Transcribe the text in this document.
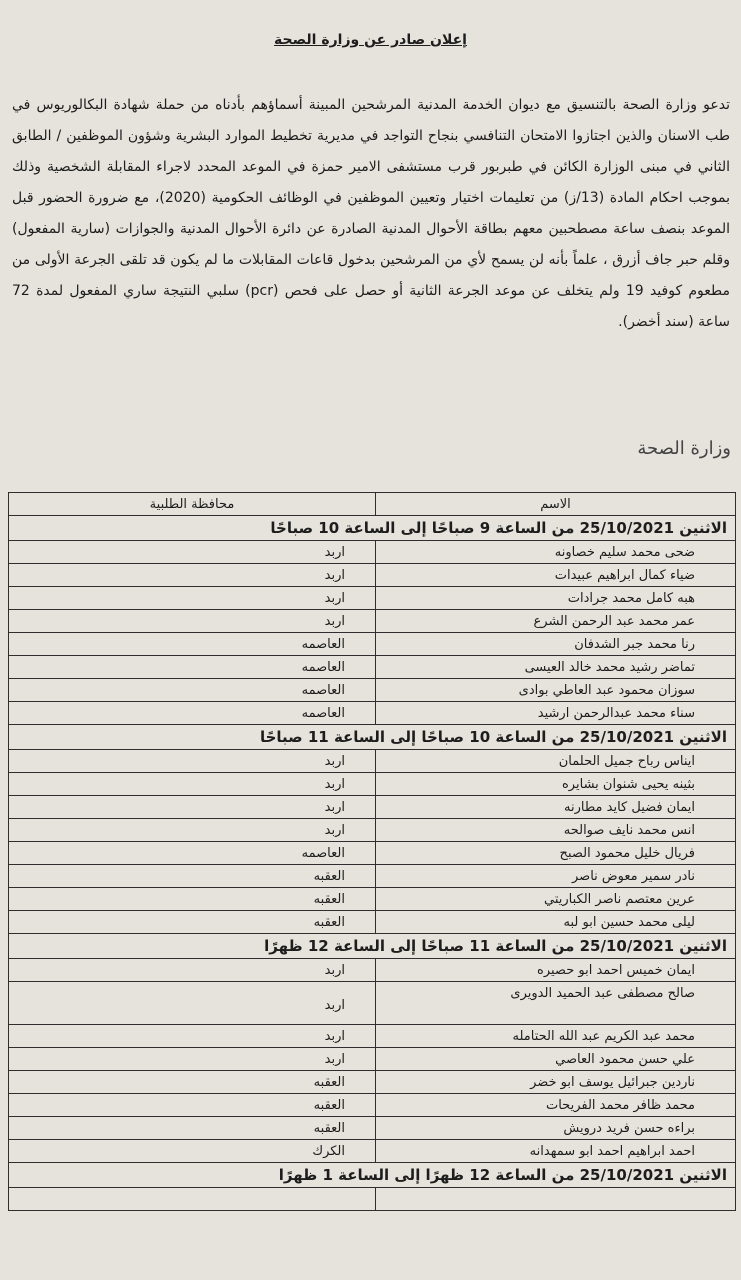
إعلان صادر عن وزارة الصحة
تدعو وزارة الصحة بالتنسيق مع ديوان الخدمة المدنية المرشحين المبينة أسماؤهم بأدناه من حملة شهادة البكالوريوس في طب الاسنان والذين اجتازوا الامتحان التنافسي بنجاح التواجد في مديرية تخطيط الموارد البشرية وشؤون الموظفين / الطابق الثاني في مبنى الوزارة الكائن في طبربور قرب مستشفى الامير حمزة في الموعد المحدد لاجراء المقابلة الشخصية وذلك بموجب احكام المادة (13/ز) من تعليمات اختيار وتعيين الموظفين في الوظائف الحكومية (2020)، مع ضرورة الحضور قبل الموعد بنصف ساعة مصطحبين معهم بطاقة الأحوال المدنية الصادرة عن دائرة الأحوال المدنية والجوازات (سارية المفعول) وقلم حبر جاف أزرق ، علماً بأنه لن يسمح لأي من المرشحين بدخول قاعات المقابلات ما لم يكون قد تلقى الجرعة الأولى من مطعوم كوفيد 19 ولم يتخلف عن موعد الجرعة الثانية أو حصل على فحص (pcr) سلبي النتيجة ساري المفعول لمدة 72 ساعة (سند أخضر).
وزارة الصحة
الاسم	محافظة الطلبية
الاثنين 25/10/2021 من الساعة 9 صباحًا إلى الساعة 10 صباحًا	
ضحى محمد سليم خصاونه	اربد
ضياء كمال ابراهيم عبيدات	اربد
هبه كامل محمد جرادات	اربد
عمر محمد عبد الرحمن الشرع	اربد
رنا محمد جبر الشدفان	العاصمه
تماضر رشيد محمد خالد العيسى	العاصمه
سوزان محمود عبد العاطي بوادى	العاصمه
سناء محمد عبدالرحمن ارشيد	العاصمه
الاثنين 25/10/2021 من الساعة 10 صباحًا إلى الساعة 11 صباحًا	
ايناس رباح جميل الحلمان	اربد
بثينه يحيى شنوان بشايره	اربد
ايمان فضيل كايد مطارنه	اربد
انس محمد نايف صوالحه	اربد
فريال خليل محمود الصبح	العاصمه
نادر سمير معوض ناصر	العقبه
عرين معتصم ناصر الكباريتي	العقبه
ليلى محمد حسين ابو لبه	العقبه
الاثنين 25/10/2021 من الساعة 11 صباحًا إلى الساعة 12 ظهرًا	
ايمان خميس احمد ابو حصيره	اربد
صالح مصطفى عبد الحميد الدويرى	اربد
محمد عبد الكريم عبد الله الحتامله	اربد
علي حسن محمود العاصي	اربد
ناردين جبرائيل يوسف ابو خضر	العقبه
محمد ظافر محمد الفريحات	العقبه
براءه حسن فريد درويش	العقبه
احمد ابراهيم احمد ابو سمهدانه	الكرك
الاثنين 25/10/2021 من الساعة 12 ظهرًا إلى الساعة 1 ظهرًا	
